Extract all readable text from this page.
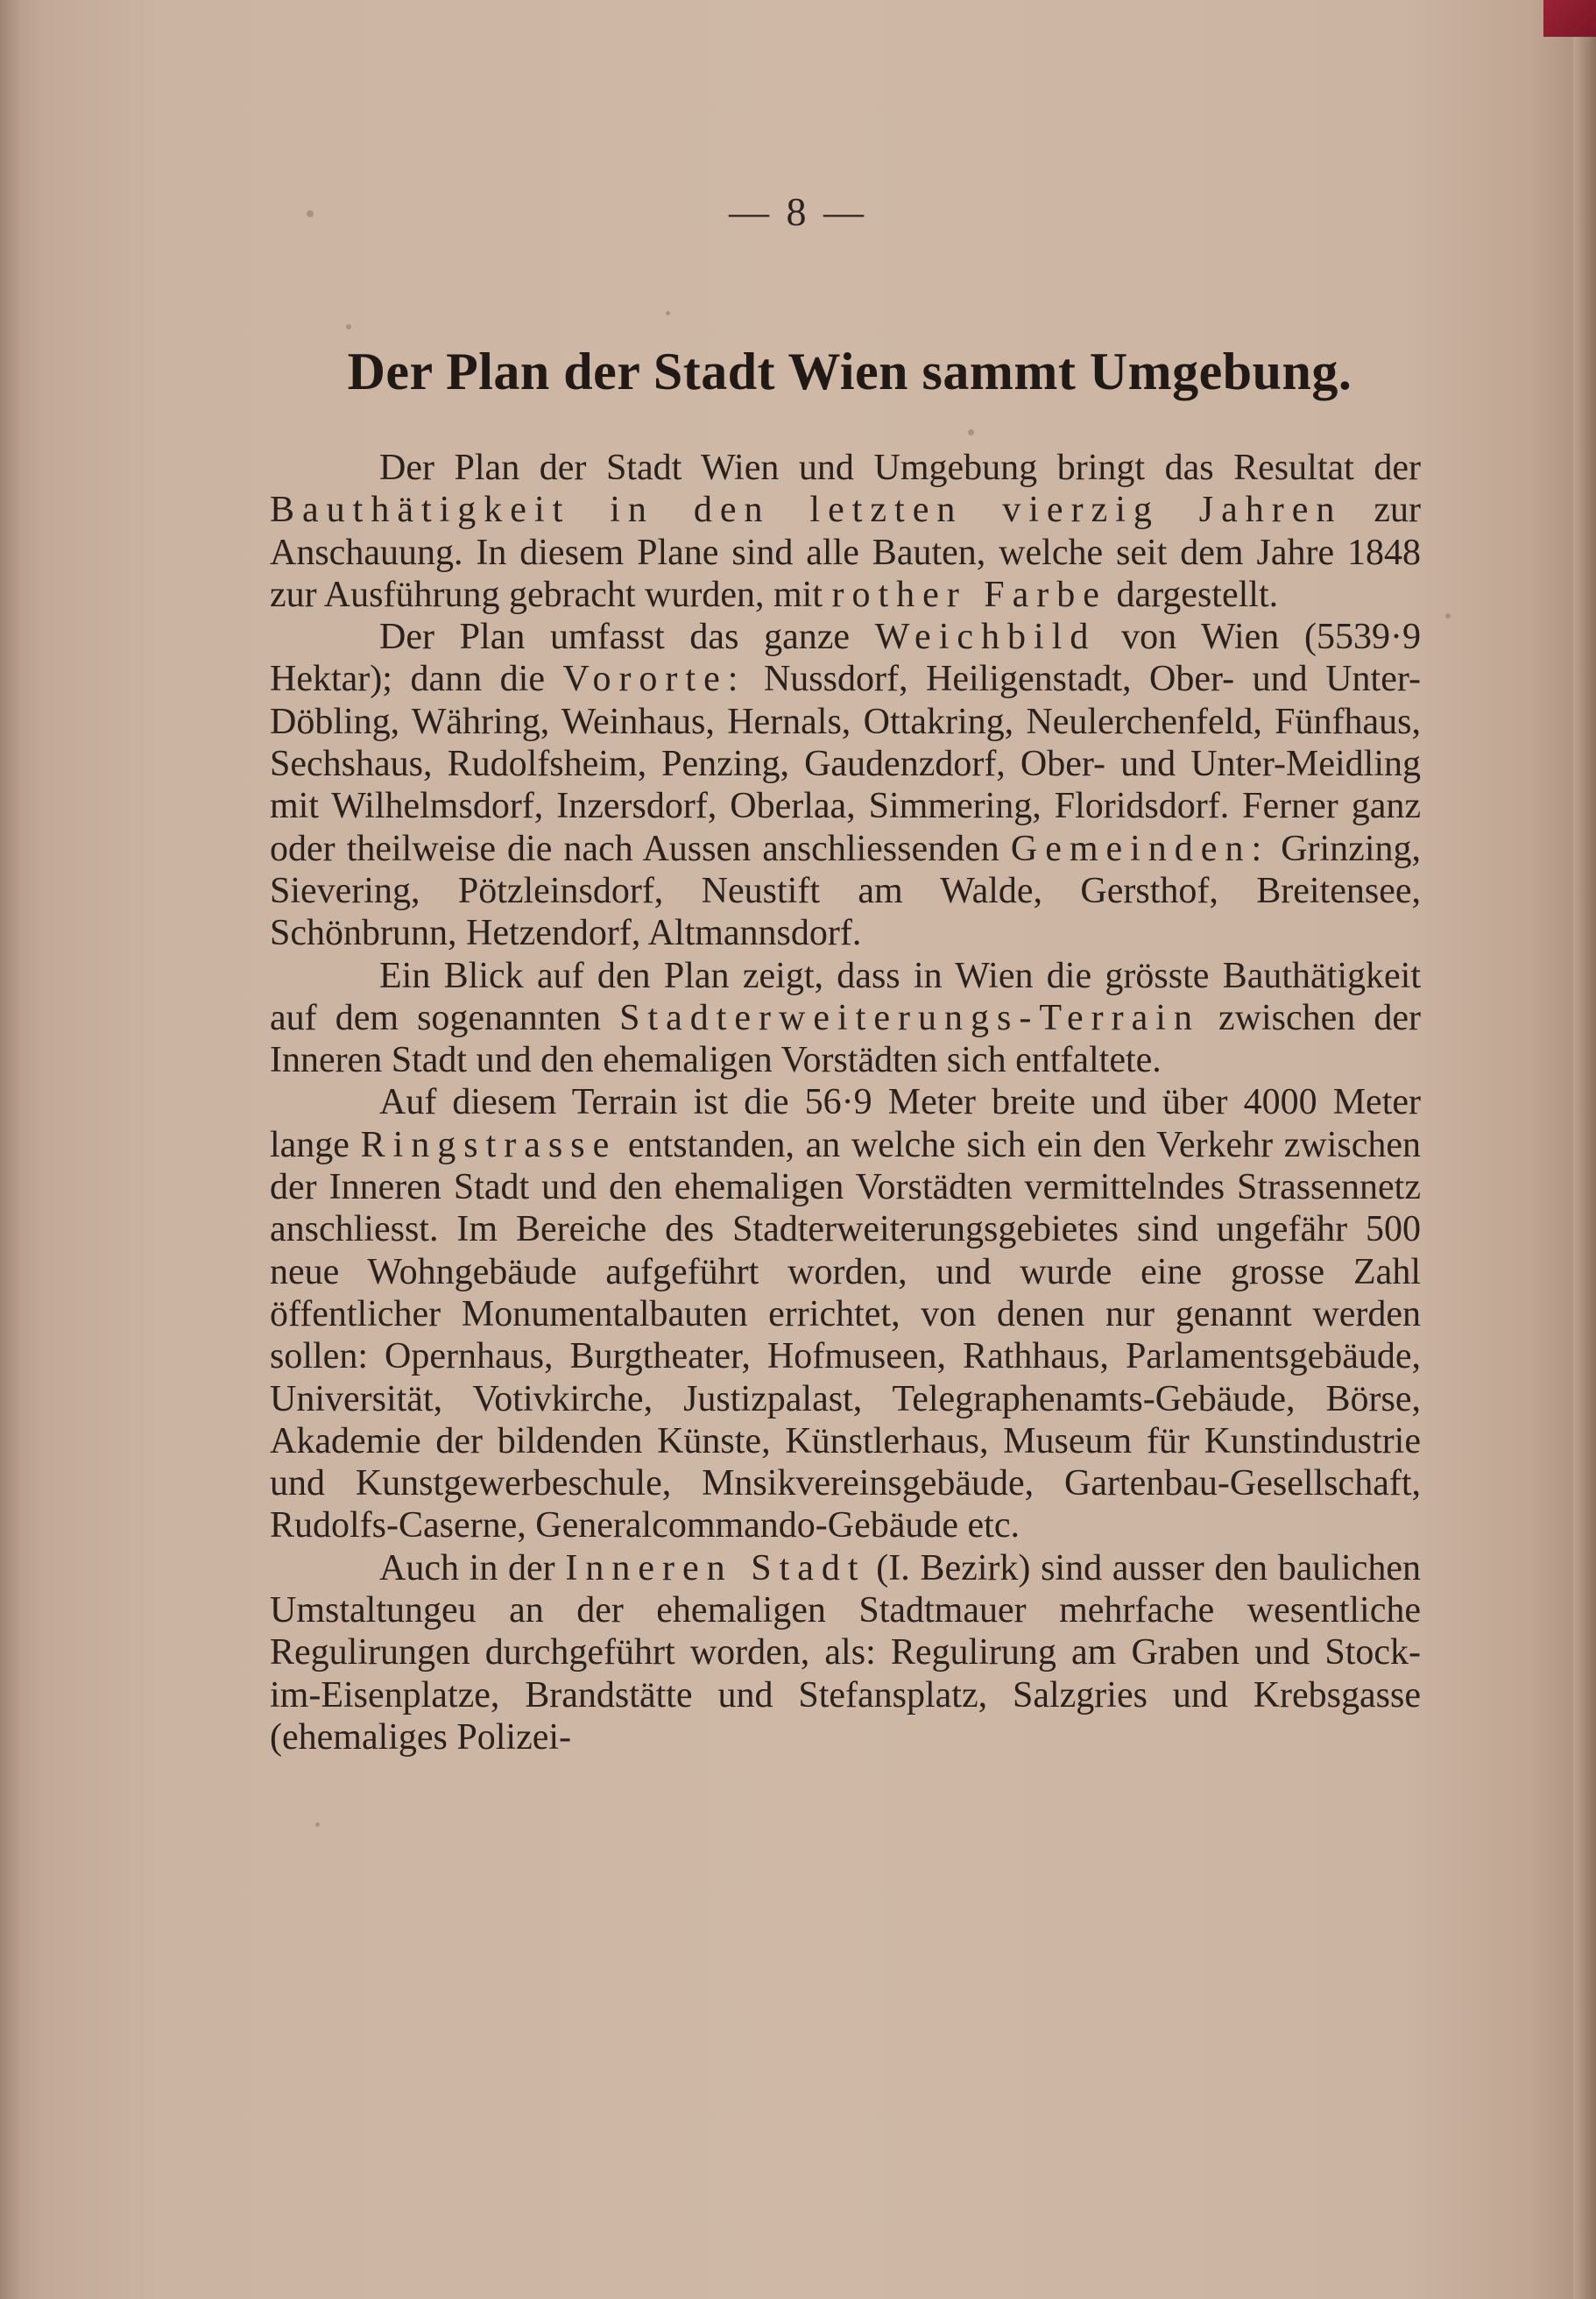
— 8 —
Der Plan der Stadt Wien sammt Umgebung.

Der Plan der Stadt Wien und Umgebung bringt das Resultat der Bauthätigkeit in den letzten vierzig Jahren zur Anschauung. In diesem Plane sind alle Bauten, welche seit dem Jahre 1848 zur Ausführung gebracht wurden, mit rother Farbe dargestellt.

Der Plan umfasst das ganze Weichbild von Wien (5539·9 Hektar); dann die Vororte: Nussdorf, Heiligenstadt, Ober- und Unter-Döbling, Währing, Weinhaus, Hernals, Ottakring, Neulerchenfeld, Fünfhaus, Sechshaus, Rudolfsheim, Penzing, Gaudenzdorf, Ober- und Unter-Meidling mit Wilhelmsdorf, Inzersdorf, Oberlaa, Simmering, Floridsdorf. Ferner ganz oder theilweise die nach Aussen anschliessenden Gemeinden: Grinzing, Sievering, Pötzleinsdorf, Neustift am Walde, Gersthof, Breitensee, Schönbrunn, Hetzendorf, Altmannsdorf.

Ein Blick auf den Plan zeigt, dass in Wien die grösste Bauthätigkeit auf dem sogenannten Stadterweiterungs-Terrain zwischen der Inneren Stadt und den ehemaligen Vorstädten sich entfaltete.

Auf diesem Terrain ist die 56·9 Meter breite und über 4000 Meter lange Ringstrasse entstanden, an welche sich ein den Verkehr zwischen der Inneren Stadt und den ehemaligen Vorstädten vermittelndes Strassennetz anschliesst. Im Bereiche des Stadterweiterungsgebietes sind ungefähr 500 neue Wohngebäude aufgeführt worden, und wurde eine grosse Zahl öffentlicher Monumentalbauten errichtet, von denen nur genannt werden sollen: Opernhaus, Burgtheater, Hofmuseen, Rathhaus, Parlamentsgebäude, Universität, Votivkirche, Justizpalast, Telegraphenamts-Gebäude, Börse, Akademie der bildenden Künste, Künstlerhaus, Museum für Kunstindustrie und Kunstgewerbeschule, Mnsikvereinsgebäude, Gartenbau-Gesellschaft, Rudolfs-Caserne, Generalcommando-Gebäude etc.

Auch in der Inneren Stadt (I. Bezirk) sind ausser den baulichen Umstaltungeu an der ehemaligen Stadtmauer mehrfache wesentliche Regulirungen durchgeführt worden, als: Regulirung am Graben und Stock-im-Eisenplatze, Brandstätte und Stefansplatz, Salzgries und Krebsgasse (ehemaliges Polizei-
